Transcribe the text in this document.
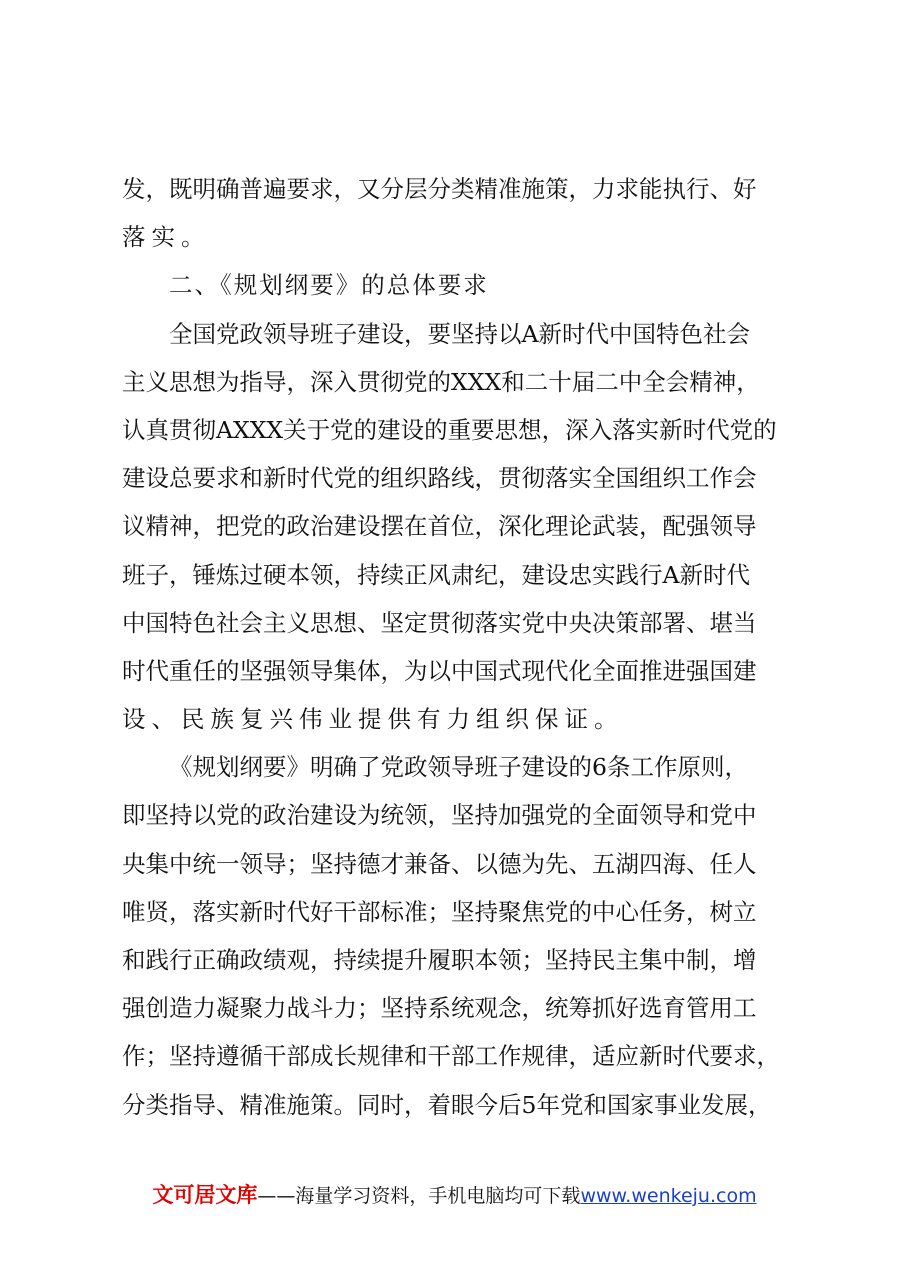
发，既明确普遍要求，又分层分类精准施策，力求能执行、好
落实。
二、《规划纲要》的总体要求
全国党政领导班子建设，要坚持以A新时代中国特色社会
主义思想为指导，深入贯彻党的XXX和二十届二中全会精神，
认真贯彻AXXX关于党的建设的重要思想，深入落实新时代党的
建设总要求和新时代党的组织路线，贯彻落实全国组织工作会
议精神，把党的政治建设摆在首位，深化理论武装，配强领导
班子，锤炼过硬本领，持续正风肃纪，建设忠实践行A新时代
中国特色社会主义思想、坚定贯彻落实党中央决策部署、堪当
时代重任的坚强领导集体，为以中国式现代化全面推进强国建
设、民族复兴伟业提供有力组织保证。
《规划纲要》明确了党政领导班子建设的6条工作原则，
即坚持以党的政治建设为统领，坚持加强党的全面领导和党中
央集中统一领导；坚持德才兼备、以德为先、五湖四海、任人
唯贤，落实新时代好干部标准；坚持聚焦党的中心任务，树立
和践行正确政绩观，持续提升履职本领；坚持民主集中制，增
强创造力凝聚力战斗力；坚持系统观念，统筹抓好选育管用工
作；坚持遵循干部成长规律和干部工作规律，适应新时代要求，
分类指导、精准施策。同时，着眼今后5年党和国家事业发展，
文可居文库——海量学习资料，手机电脑均可下载www.wenkeju.com
